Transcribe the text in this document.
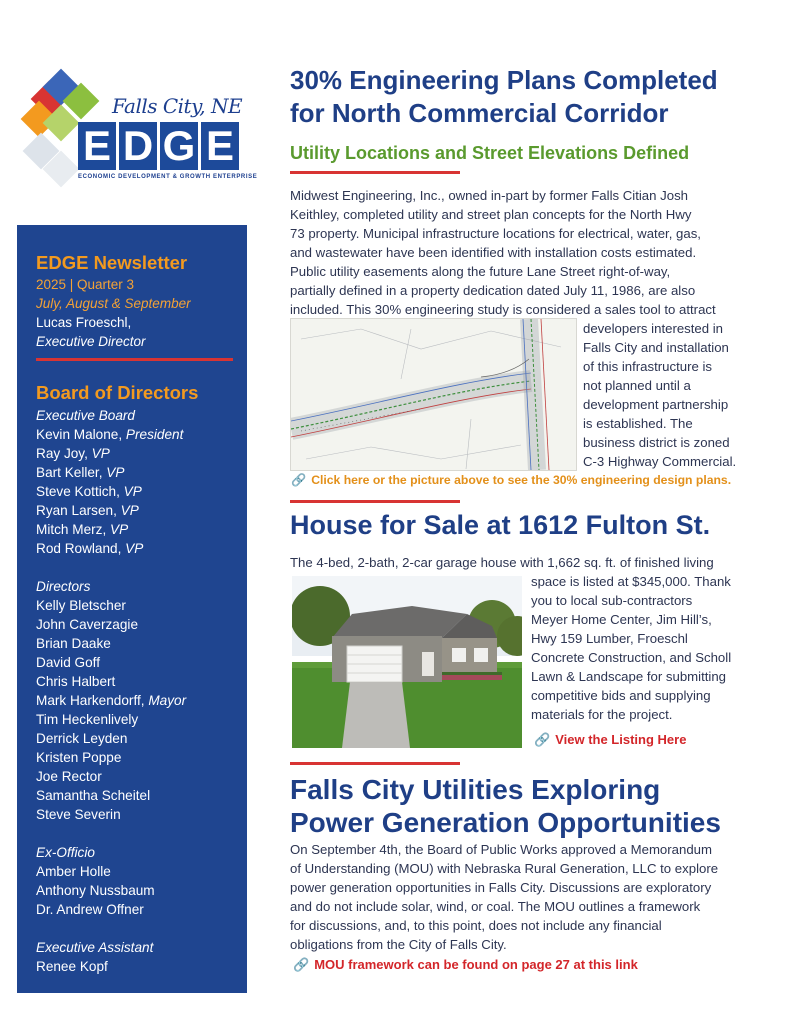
Falls City, NE
E D G E
ECONOMIC DEVELOPMENT & GROWTH ENTERPRISE
EDGE Newsletter
2025 | Quarter 3
July, August & September
Lucas Froeschl,
Executive Director
Board of Directors
Executive Board
Kevin Malone, President
Ray Joy, VP
Bart Keller, VP
Steve Kottich, VP
Ryan Larsen, VP
Mitch Merz, VP
Rod Rowland, VP
Directors
Kelly Bletscher
John Caverzagie
Brian Daake
David Goff
Chris Halbert
Mark Harkendorff, Mayor
Tim Heckenlively
Derrick Leyden
Kristen Poppe
Joe Rector
Samantha Scheitel
Steve Severin
Ex-Officio
Amber Holle
Anthony Nussbaum
Dr. Andrew Offner
Executive Assistant
Renee Kopf
30% Engineering Plans Completed
for North Commercial Corridor
Utility Locations and Street Elevations Defined
Midwest Engineering, Inc., owned in-part by former Falls Citian Josh
Keithley, completed utility and street plan concepts for the North Hwy
73 property. Municipal infrastructure locations for electrical, water, gas,
and wastewater have been identified with installation costs estimated.
Public utility easements along the future Lane Street right-of-way,
partially defined in a property dedication dated July 11, 1986, are also
included. This 30% engineering study is considered a sales tool to attract
developers interested in
Falls City and installation
of this infrastructure is
not planned until a
development partnership
is established. The
business district is zoned
C-3 Highway Commercial.
🔗 Click here or the picture above to see the 30% engineering design plans.
House for Sale at 1612 Fulton St.
The 4-bed, 2-bath, 2-car garage house with 1,662 sq. ft. of finished living
space is listed at $345,000. Thank
you to local sub-contractors
Meyer Home Center, Jim Hill’s,
Hwy 159 Lumber, Froeschl
Concrete Construction, and Scholl
Lawn & Landscape for submitting
competitive bids and supplying
materials for the project.
🔗 View the Listing Here
Falls City Utilities Exploring
Power Generation Opportunities
On September 4th, the Board of Public Works approved a Memorandum
of Understanding (MOU) with Nebraska Rural Generation, LLC to explore
power generation opportunities in Falls City. Discussions are exploratory
and do not include solar, wind, or coal. The MOU outlines a framework
for discussions, and, to this point, does not include any financial
obligations from the City of Falls City.
🔗 MOU framework can be found on page 27 at this link
